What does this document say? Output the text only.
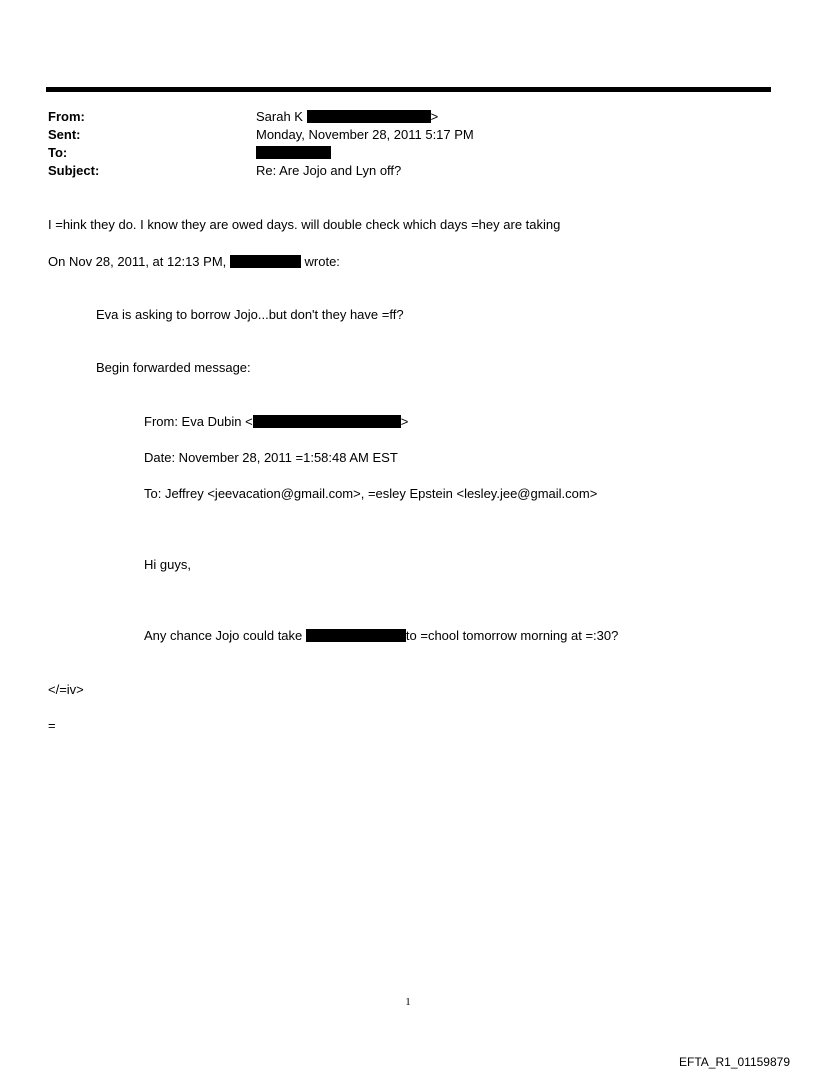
From:	Sarah K	>
Sent:	Monday, November 28, 2011 5:17 PM
To:
Subject:	Re: Are Jojo and Lyn off?
I =hink they do. I know they are owed days. will double check which days =hey are taking
On Nov 28, 2011, at 12:13 PM,	wrote:
Eva is asking to borrow Jojo...but don't they have =ff?
Begin forwarded message:
From: Eva Dubin <	>
Date: November 28, 2011 =1:58:48 AM EST
To: Jeffrey <jeevacation@gmail.com>, =esley Epstein <lesley.jee@gmail.com>
Hi guys,
Any chance Jojo could take	to =chool tomorrow morning at =:30?
</=iv>
=
1
EFTA_R1_01159879
